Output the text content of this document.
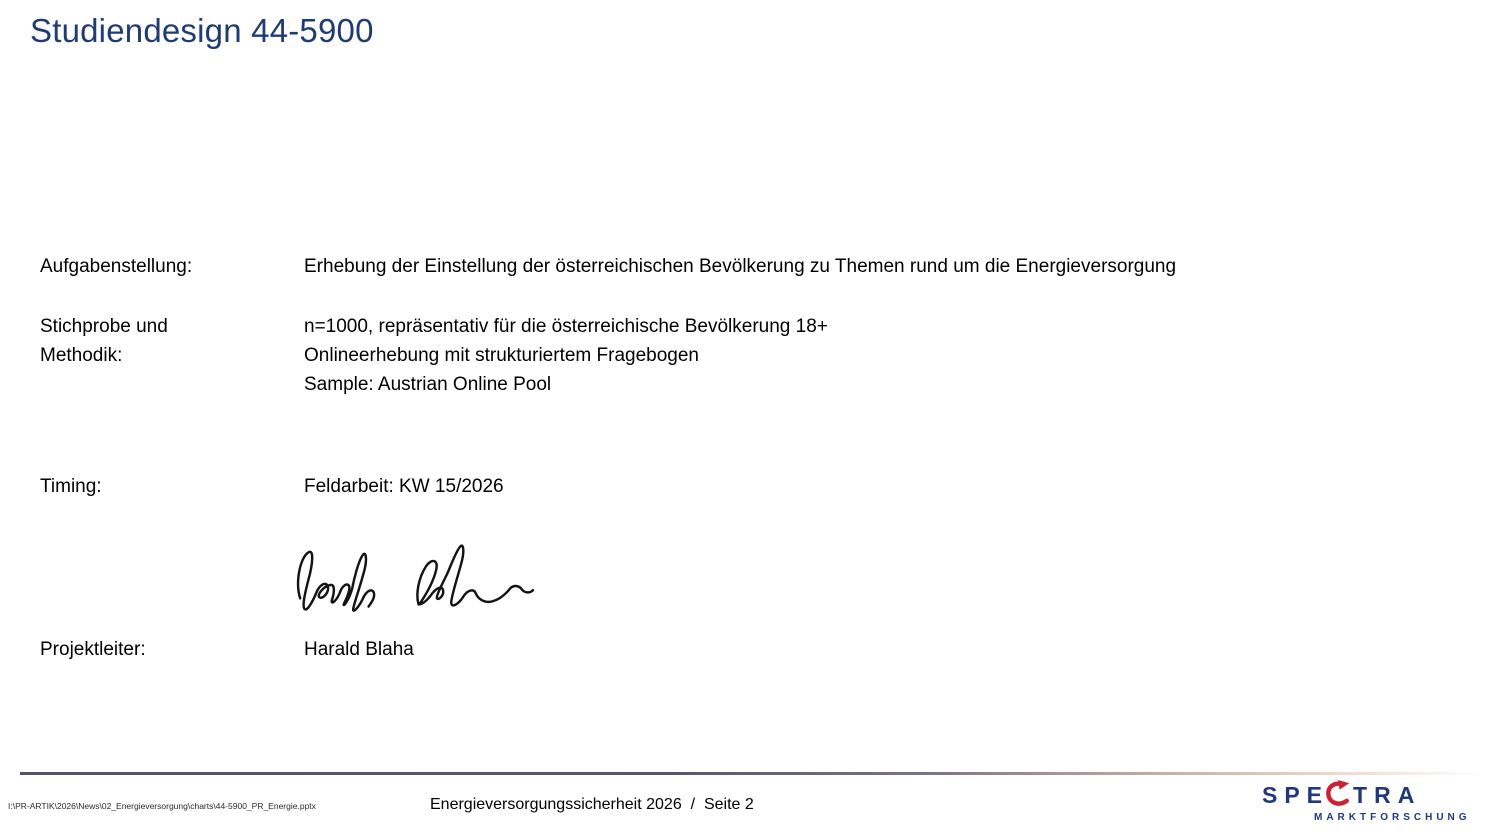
Studiendesign 44-5900
Aufgabenstellung:	Erhebung der Einstellung der österreichischen Bevölkerung zu Themen rund um die Energieversorgung
Stichprobe und
Methodik:
n=1000, repräsentativ für die österreichische Bevölkerung 18+
Onlineerhebung mit strukturiertem Fragebogen
Sample: Austrian Online Pool
Timing:	Feldarbeit: KW 15/2026
Projektleiter:	Harald Blaha
I:\PR-ARTIK\2026\News\02_Energieversorgung\charts\44-5900_PR_Energie.pptx	Energieversorgungssicherheit 2026  /  Seite 2	SPE TRA
MARKTFORSCHUNG
